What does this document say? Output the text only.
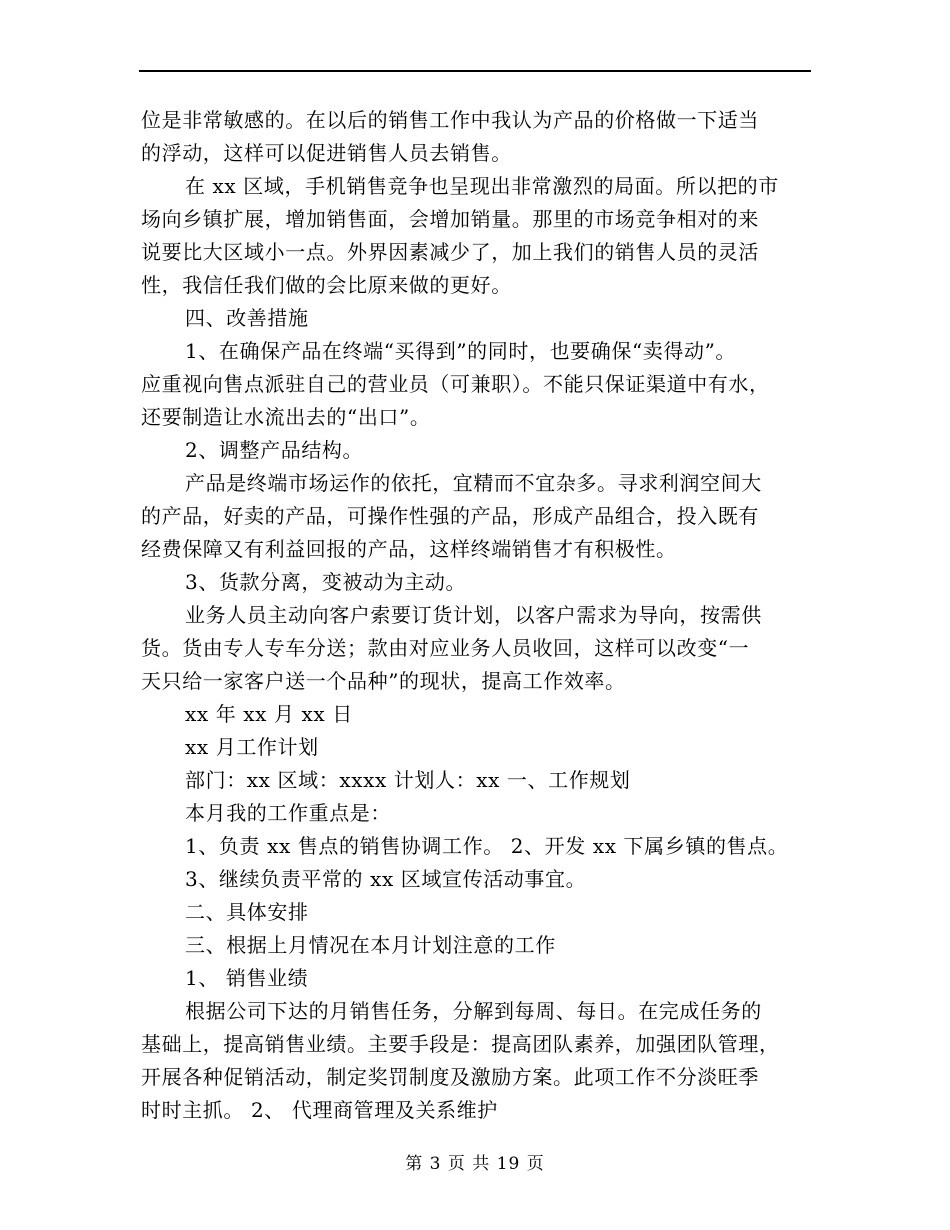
位是非常敏感的。在以后的销售工作中我认为产品的价格做一下适当
的浮动，这样可以促进销售人员去销售。
在 xx 区域，手机销售竞争也呈现出非常激烈的局面。所以把的市
场向乡镇扩展，增加销售面，会增加销量。那里的市场竞争相对的来
说要比大区域小一点。外界因素减少了，加上我们的销售人员的灵活
性，我信任我们做的会比原来做的更好。
四、改善措施
1、在确保产品在终端“买得到”的同时，也要确保“卖得动”。
应重视向售点派驻自己的营业员（可兼职）。不能只保证渠道中有水，
还要制造让水流出去的“出口”。
2、调整产品结构。
产品是终端市场运作的依托，宜精而不宜杂多。寻求利润空间大
的产品，好卖的产品，可操作性强的产品，形成产品组合，投入既有
经费保障又有利益回报的产品，这样终端销售才有积极性。
3、货款分离，变被动为主动。
业务人员主动向客户索要订货计划，以客户需求为导向，按需供
货。货由专人专车分送；款由对应业务人员收回，这样可以改变“一
天只给一家客户送一个品种”的现状，提高工作效率。
xx 年 xx 月 xx 日
xx 月工作计划
部门：xx 区域：xxxx 计划人：xx 一、工作规划
本月我的工作重点是：
1、负责 xx 售点的销售协调工作。 2、开发 xx 下属乡镇的售点。
3、继续负责平常的 xx 区域宣传活动事宜。
二、具体安排
三、根据上月情况在本月计划注意的工作
1、 销售业绩
根据公司下达的月销售任务，分解到每周、每日。在完成任务的
基础上，提高销售业绩。主要手段是：提高团队素养，加强团队管理，
开展各种促销活动，制定奖罚制度及激励方案。此项工作不分淡旺季
时时主抓。 2、 代理商管理及关系维护
第 3 页 共 19 页
